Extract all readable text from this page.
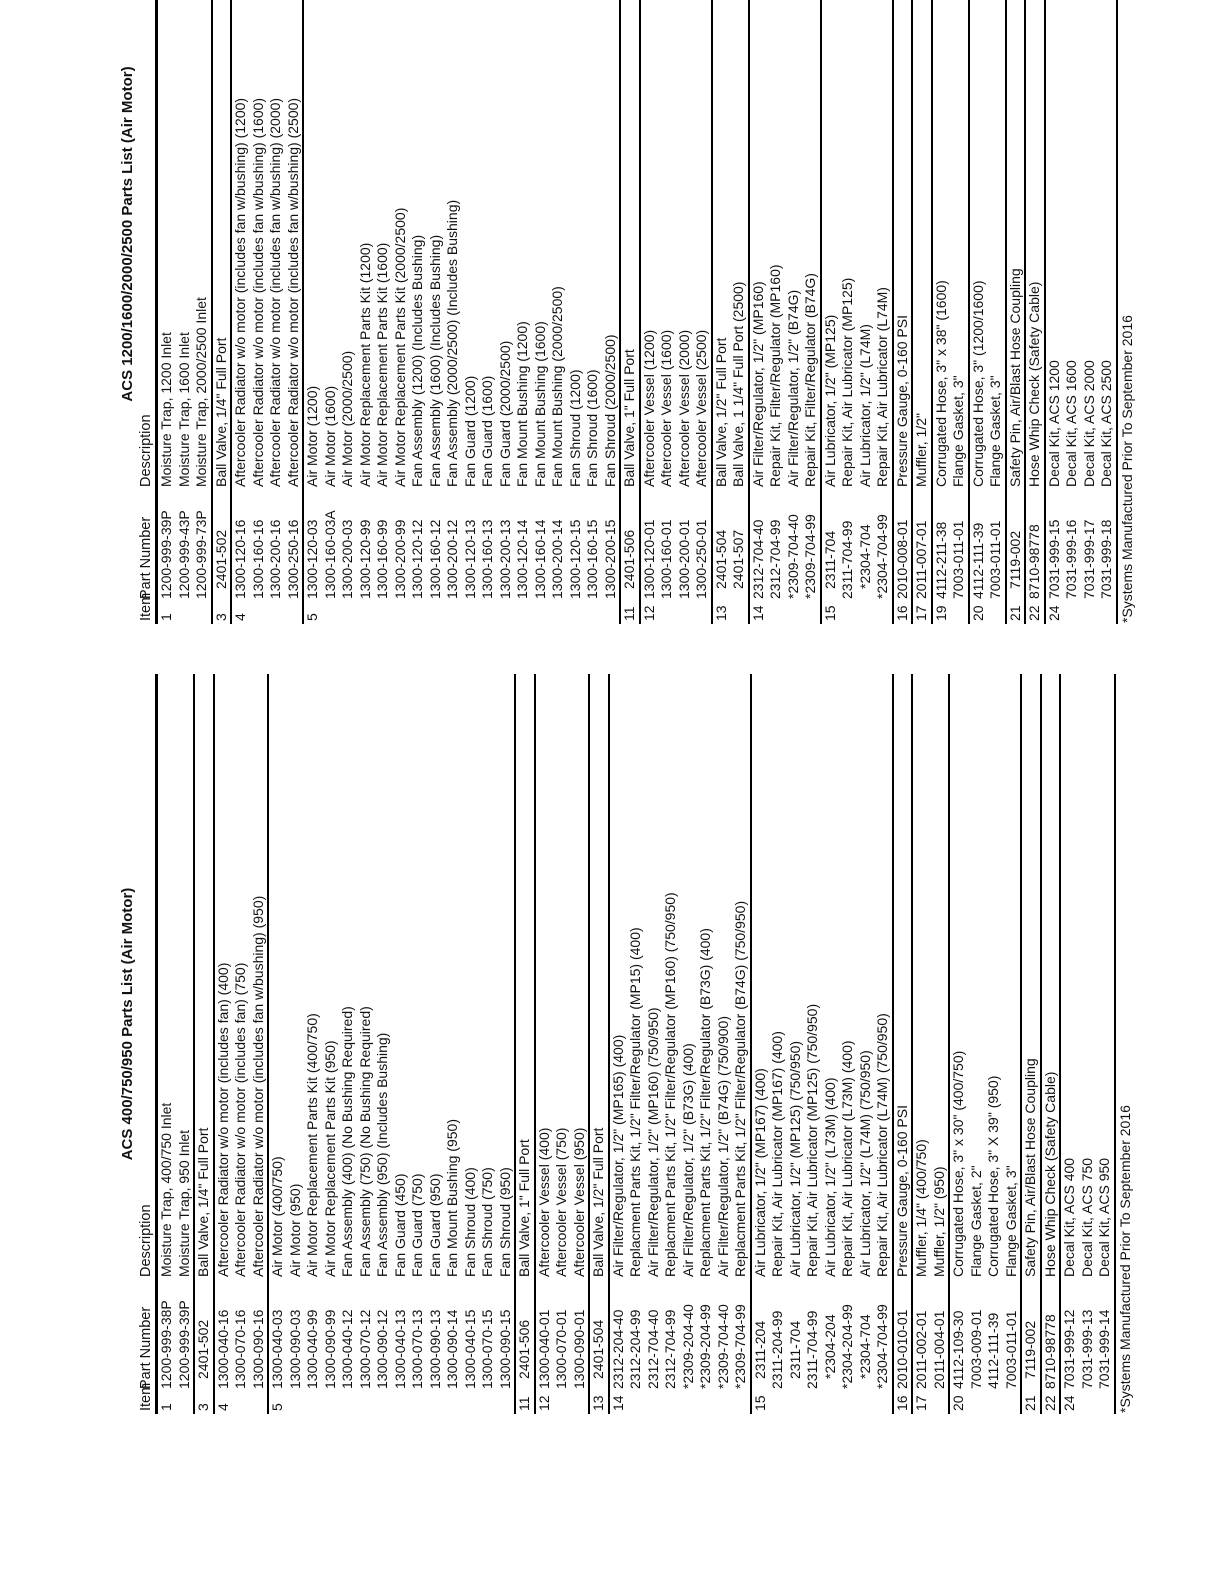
ACS 400/750/950 Parts List (Air Motor)
Item
Part Number
Description
1
1200-999-38P
Moisture Trap, 400/750 Inlet
1200-999-39P
Moisture Trap, 950 Inlet
3
2401-502
Ball Valve, 1/4" Full Port
4
1300-040-16
Aftercooler Radiator w/o motor (includes fan) (400)
1300-070-16
Aftercooler Radiator w/o motor (includes fan) (750)
1300-090-16
Aftercooler Radiator w/o motor (includes fan w/bushing) (950)
5
1300-040-03
Air Motor (400/750)
1300-090-03
Air Motor (950)
1300-040-99
Air Motor Replacement Parts Kit (400/750)
1300-090-99
Air Motor Replacement Parts Kit (950)
1300-040-12
Fan Assembly (400) (No Bushing Required)
1300-070-12
Fan Assembly (750) (No Bushing Required)
1300-090-12
Fan Assembly (950) (Includes Bushing)
1300-040-13
Fan Guard (450)
1300-070-13
Fan Guard (750)
1300-090-13
Fan Guard (950)
1300-090-14
Fan Mount Bushing (950)
1300-040-15
Fan Shroud (400)
1300-070-15
Fan Shroud (750)
1300-090-15
Fan Shroud (950)
11
2401-506
Ball Valve, 1" Full Port
12
1300-040-01
Aftercooler Vessel (400)
1300-070-01
Aftercooler Vessel (750)
1300-090-01
Aftercooler Vessel (950)
13
2401-504
Ball Valve, 1/2" Full Port
14
2312-204-40
Air Filter/Regulator, 1/2" (MP165) (400)
2312-204-99
Replacment Parts Kit, 1/2" Filter/Regulator (MP15) (400)
2312-704-40
Air Filter/Regulator, 1/2" (MP160) (750/950)
2312-704-99
Replacment Parts Kit, 1/2" Filter/Regulator (MP160) (750/950)
*2309-204-40
Air Filter/Regulator, 1/2" (B73G) (400)
*2309-204-99
Replacment Parts Kit, 1/2" Filter/Regulator (B73G) (400)
*2309-704-40
Air Filter/Regulator, 1/2" (B74G) (750/900)
*2309-704-99
Replacment Parts Kit, 1/2" Filter/Regulator (B74G) (750/950)
15
2311-204
Air Lubricator, 1/2" (MP167) (400)
2311-204-99
Repair Kit, Air Lubricator (MP167) (400)
2311-704
Air Lubricator, 1/2" (MP125) (750/950)
2311-704-99
Repair Kit, Air Lubricator (MP125) (750/950)
*2304-204
Air Lubricator, 1/2" (L73M) (400)
*2304-204-99
Repair Kit, Air Lubricator (L73M) (400)
*2304-704
Air Lubricator, 1/2" (L74M) (750/950)
*2304-704-99
Repair Kit, Air Lubricator (L74M) (750/950)
16
2010-010-01
Pressure Gauge, 0-160 PSI
17
2011-002-01
Muffler, 1/4" (400/750)
2011-004-01
Muffler, 1/2" (950)
20
4112-109-30
Corrugated Hose, 3" x 30" (400/750)
7003-009-01
Flange Gasket, 2"
4112-111-39
Corrugated Hose, 3" X 39" (950)
7003-011-01
Flange Gasket, 3"
21
7119-002
Safety Pin, Air/Blast Hose Coupling
22
8710-98778
Hose Whip Check (Safety Cable)
24
7031-999-12
Decal Kit, ACS 400
7031-999-13
Decal Kit, ACS 750
7031-999-14
Decal Kit, ACS 950 *Systems Manufactured Prior To September 2016
ACS 1200/1600/2000/2500 Parts List (Air Motor)
Item
Part Number
Description
1
1200-999-39P
Moisture Trap, 1200 Inlet
1200-999-43P
Moisture Trap, 1600 Inlet
1200-999-73P
Moisture Trap, 2000/2500 Inlet
3
2401-502
Ball Valve, 1/4" Full Port
4
1300-120-16
Aftercooler Radiator w/o motor (includes fan w/bushing) (1200)
1300-160-16
Aftercooler Radiator w/o motor (includes fan w/bushing) (1600)
1300-200-16
Aftercooler Radiator w/o motor (includes fan w/bushing) (2000)
1300-250-16
Aftercooler Radiator w/o motor (includes fan w/bushing) (2500)
5
1300-120-03
Air Motor (1200)
1300-160-03A
Air Motor (1600)
1300-200-03
Air Motor (2000/2500)
1300-120-99
Air Motor Replacement Parts Kit (1200)
1300-160-99
Air Motor Replacement Parts Kit (1600)
1300-200-99
Air Motor Replacement Parts Kit (2000/2500)
1300-120-12
Fan Assembly (1200) (Includes Bushing)
1300-160-12
Fan Assembly (1600) (Includes Bushing)
1300-200-12
Fan Assembly (2000/2500) (Includes Bushing)
1300-120-13
Fan Guard (1200)
1300-160-13
Fan Guard (1600)
1300-200-13
Fan Guard (2000/2500)
1300-120-14
Fan Mount Bushing (1200)
1300-160-14
Fan Mount Bushing (1600)
1300-200-14
Fan Mount Bushing (2000/2500)
1300-120-15
Fan Shroud (1200)
1300-160-15
Fan Shroud (1600)
1300-200-15
Fan Shroud (2000/2500)
11
2401-506
Ball Valve, 1" Full Port
12
1300-120-01
Aftercooler Vessel (1200)
1300-160-01
Aftercooler Vessel (1600)
1300-200-01
Aftercooler Vessel (2000)
1300-250-01
Aftercooler Vessel (2500)
13
2401-504
Ball Valve, 1/2" Full Port
2401-507
Ball Valve, 1 1/4" Full Port (2500)
14
2312-704-40
Air Filter/Regulator, 1/2" (MP160)
2312-704-99
Repair Kit, Filter/Regulator (MP160)
*2309-704-40
Air Filter/Regulator, 1/2" (B74G)
*2309-704-99
Repair Kit, Filter/Regulator (B74G)
15
2311-704
Air Lubricator, 1/2" (MP125)
2311-704-99
Repair Kit, Air Lubricator (MP125)
*2304-704
Air Lubricator, 1/2" (L74M)
*2304-704-99
Repair Kit, Air Lubricator (L74M)
16
2010-008-01
Pressure Gauge, 0-160 PSI
17
2011-007-01
Muffler, 1/2"
19
4112-211-38
Corrugated Hose, 3" x 38" (1600)
7003-011-01
Flange Gasket, 3"
20
4112-111-39
Corrugated Hose, 3" (1200/1600)
7003-011-01
Flange Gasket, 3"
21
7119-002
Safety Pin, Air/Blast Hose Coupling
22
8710-98778
Hose Whip Check (Safety Cable)
24
7031-999-15
Decal Kit, ACS 1200
7031-999-16
Decal Kit, ACS 1600
7031-999-17
Decal Kit, ACS 2000
7031-999-18
Decal Kit, ACS 2500 *Systems Manufactured Prior To September 2016
